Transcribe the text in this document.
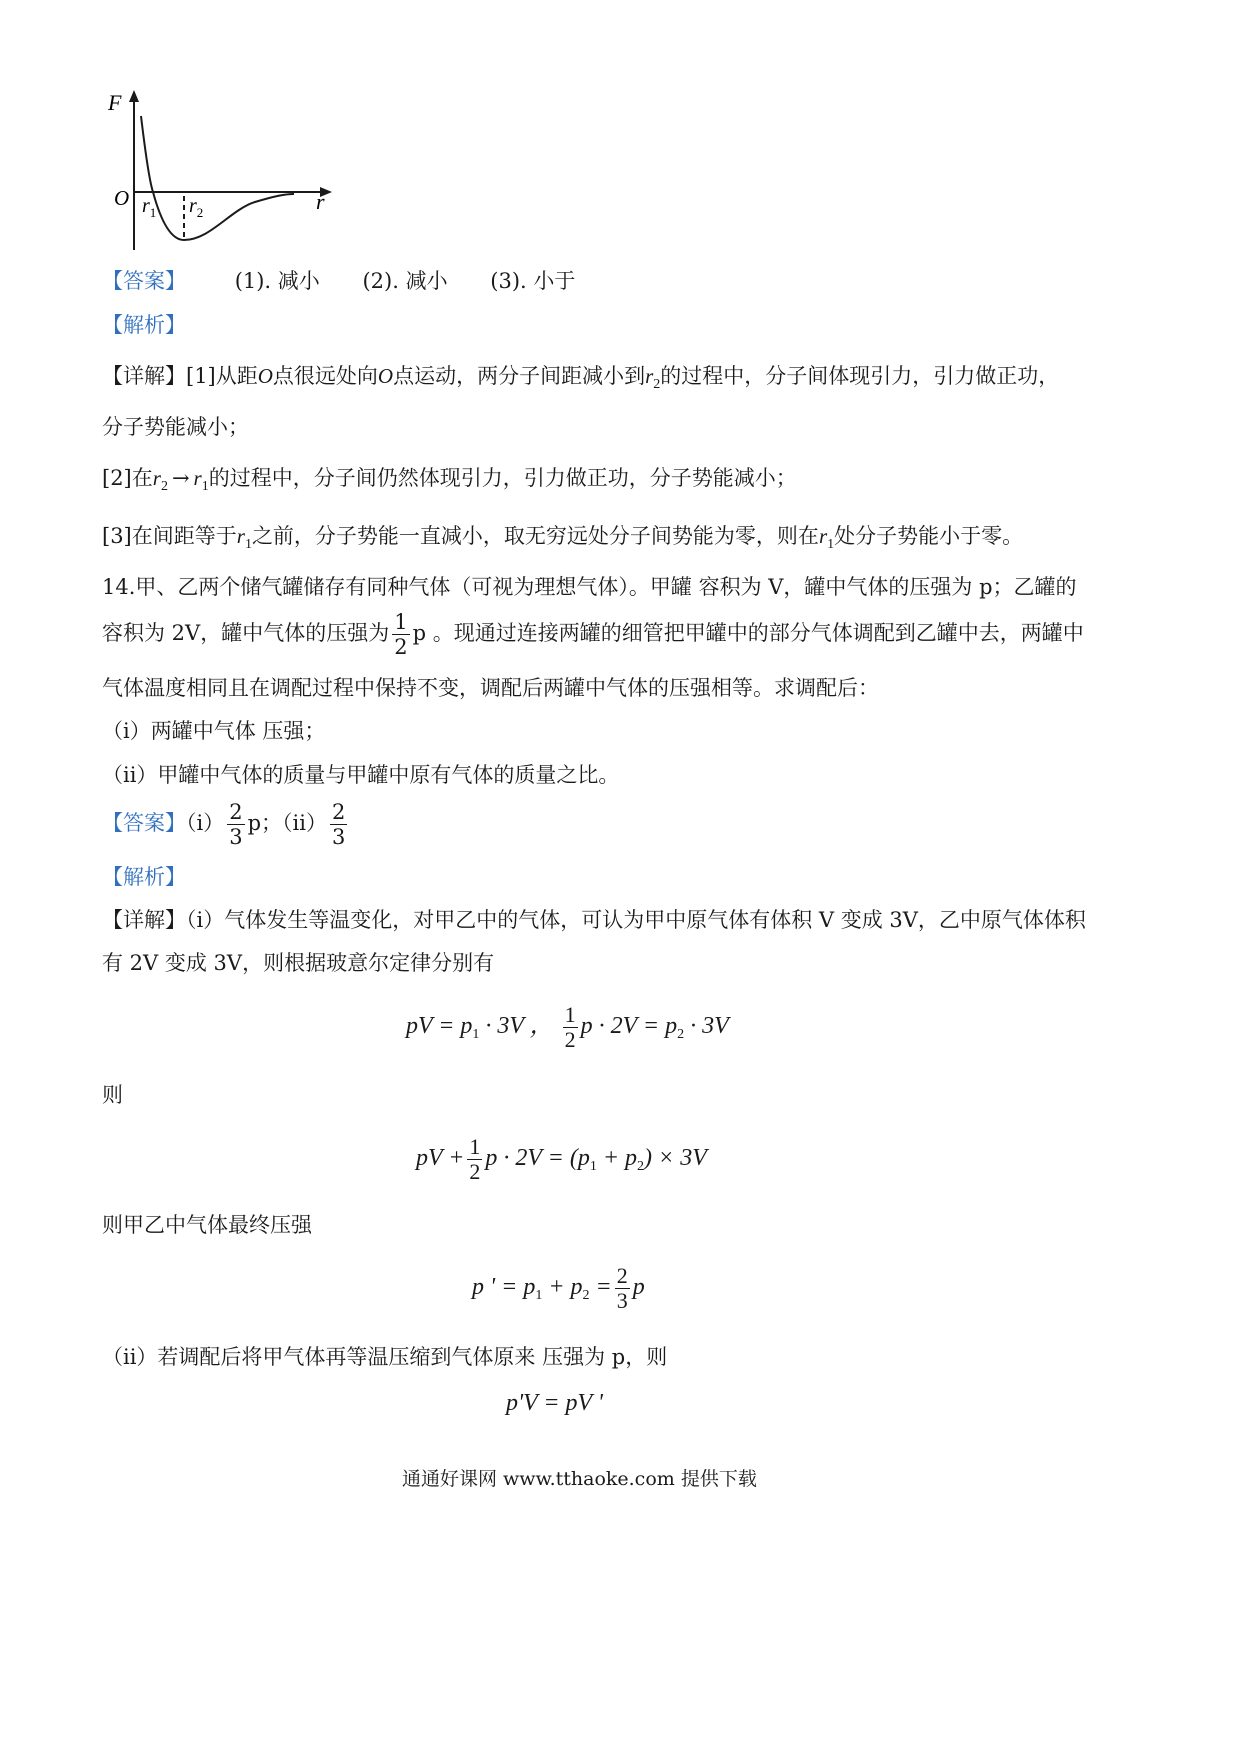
F
O $r_1$ $r_2$	r
【答案】 (1). 减小 (2). 减小 (3). 小于
【解析】
【详解】[1]从距O点很远处向O点运动，两分子间距减小到$r_2$的过程中，分子间体现引力，引力做正功，
分子势能减小；
[2]在$r_2 \to r_1$的过程中，分子间仍然体现引力，引力做正功，分子势能减小；
[3]在间距等于$r_1$之前，分子势能一直减小，取无穷远处分子间势能为零，则在$r_1$处分子势能小于零。
14.甲、乙两个储气罐储存有同种气体（可视为理想气体）。甲罐 容积为 V，罐中气体的压强为 p；乙罐的
容积为 2V，罐中气体的压强为 $\frac{1}{2}$ p 。现通过连接两罐的细管把甲罐中的部分气体调配到乙罐中去，两罐中
气体温度相同且在调配过程中保持不变，调配后两罐中气体的压强相等。求调配后：
（i）两罐中气体 压强；
（ii）甲罐中气体的质量与甲罐中原有气体的质量之比。
【答案】$(i) \frac{2}{3}$ p；$(ii) \frac{2}{3}$
【解析】
【详解】（i）气体发生等温变化，对甲乙中的气体，可认为甲中原气体有体积 V 变成 3V，乙中原气体体积
有 2V 变成 3V，则根据玻意尔定律分别有
pV = $p_1 \cdot 3V$ ， $\frac{1}{2}$ $p \cdot 2V = p_2 \cdot 3V$
则
pV + $\frac{1}{2}$ $p \cdot 2V = (p_1 + p_2) \times 3V$
则甲乙中气体最终压强
p ' = $p_1 + p_2 = \frac{2}{3}$ p
（ii）若调配后将甲气体再等温压缩到气体原来 压强为 p，则
p'V = pV '
通通好课网 www.tthaoke.com 提供下载
